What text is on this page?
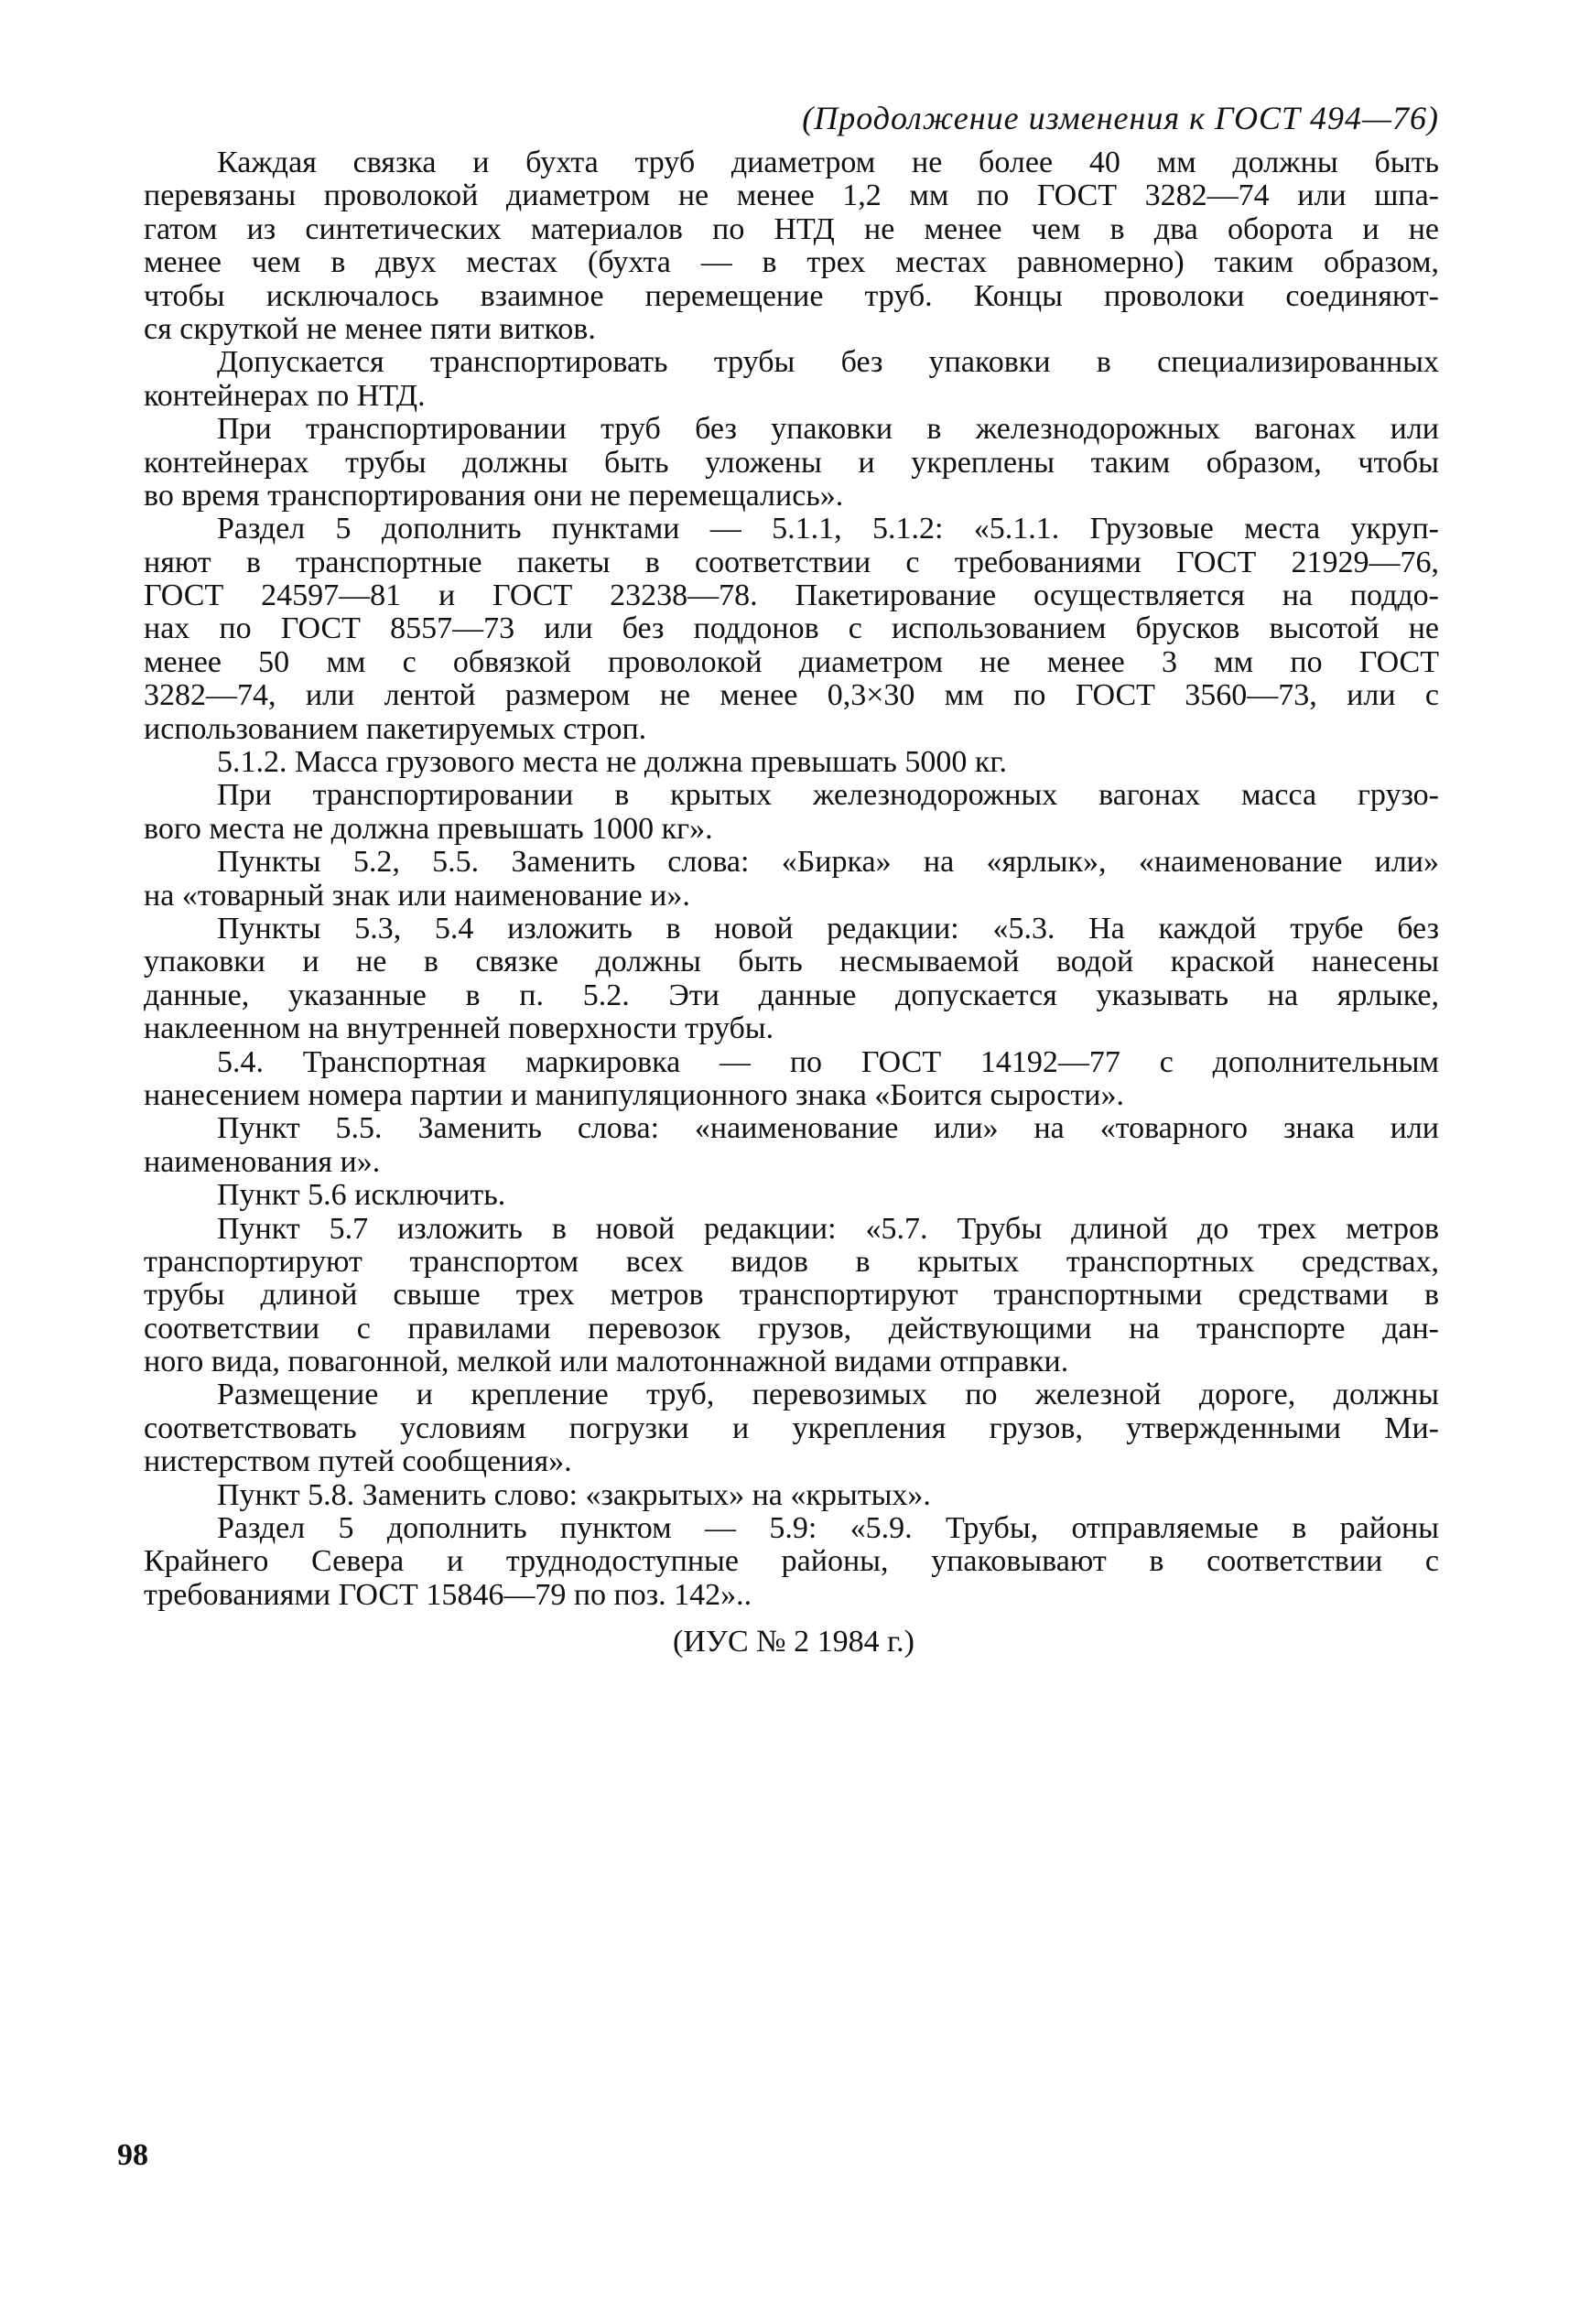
(Продолжение изменения к ГОСТ 494—76)
Каждая связка и бухта труб диаметром не более 40 мм должны быть
перевязаны проволокой диаметром не менее 1,2 мм по ГОСТ 3282—74 или шпа-
гатом из синтетических материалов по НТД не менее чем в два оборота и не
менее чем в двух местах (бухта — в трех местах равномерно) таким образом,
чтобы исключалось взаимное перемещение труб. Концы проволоки соединяют-
ся скруткой не менее пяти витков.
Допускается транспортировать трубы без упаковки в специализированных
контейнерах по НТД.
При транспортировании труб без упаковки в железнодорожных вагонах или
контейнерах трубы должны быть уложены и укреплены таким образом, чтобы
во время транспортирования они не перемещались».
Раздел 5 дополнить пунктами — 5.1.1, 5.1.2: «5.1.1. Грузовые места укруп-
няют в транспортные пакеты в соответствии с требованиями ГОСТ 21929—76,
ГОСТ 24597—81 и ГОСТ 23238—78. Пакетирование осуществляется на поддо-
нах по ГОСТ 8557—73 или без поддонов с использованием брусков высотой не
менее 50 мм с обвязкой проволокой диаметром не менее 3 мм по ГОСТ
3282—74, или лентой размером не менее 0,3×30 мм по ГОСТ 3560—73, или с
использованием пакетируемых строп.
5.1.2. Масса грузового места не должна превышать 5000 кг.
При транспортировании в крытых железнодорожных вагонах масса грузо-
вого места не должна превышать 1000 кг».
Пункты 5.2, 5.5. Заменить слова: «Бирка» на «ярлык», «наименование или»
на «товарный знак или наименование и».
Пункты 5.3, 5.4 изложить в новой редакции: «5.3. На каждой трубе без
упаковки и не в связке должны быть несмываемой водой краской нанесены
данные, указанные в п. 5.2. Эти данные допускается указывать на ярлыке,
наклеенном на внутренней поверхности трубы.
5.4. Транспортная маркировка — по ГОСТ 14192—77 с дополнительным
нанесением номера партии и манипуляционного знака «Боится сырости».
Пункт 5.5. Заменить слова: «наименование или» на «товарного знака или
наименования и».
Пункт 5.6 исключить.
Пункт 5.7 изложить в новой редакции: «5.7. Трубы длиной до трех метров
транспортируют транспортом всех видов в крытых транспортных средствах,
трубы длиной свыше трех метров транспортируют транспортными средствами в
соответствии с правилами перевозок грузов, действующими на транспорте дан-
ного вида, повагонной, мелкой или малотоннажной видами отправки.
Размещение и крепление труб, перевозимых по железной дороге, должны
соответствовать условиям погрузки и укрепления грузов, утвержденными Ми-
нистерством путей сообщения».
Пункт 5.8. Заменить слово: «закрытых» на «крытых».
Раздел 5 дополнить пунктом — 5.9: «5.9. Трубы, отправляемые в районы
Крайнего Севера и труднодоступные районы, упаковывают в соответствии с
требованиями ГОСТ 15846—79 по поз. 142»..
(ИУС № 2 1984 г.)
98
